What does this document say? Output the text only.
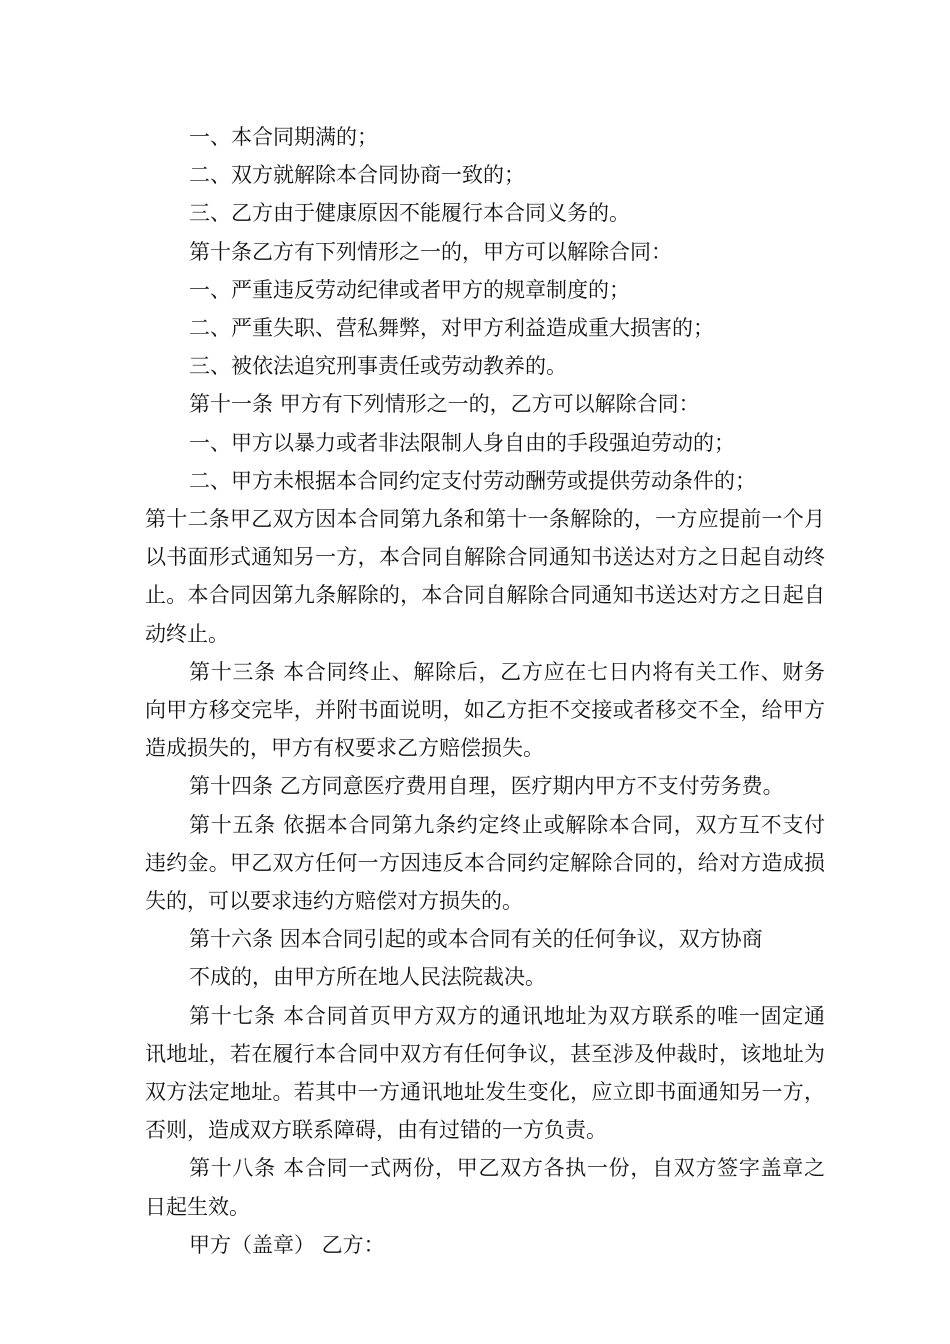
一、本合同期满的；

二、双方就解除本合同协商一致的；

三、乙方由于健康原因不能履行本合同义务的。

第十条乙方有下列情形之一的，甲方可以解除合同：

一、严重违反劳动纪律或者甲方的规章制度的；

二、严重失职、营私舞弊，对甲方利益造成重大损害的；

三、被依法追究刑事责任或劳动教养的。

第十一条 甲方有下列情形之一的，乙方可以解除合同：

一、甲方以暴力或者非法限制人身自由的手段强迫劳动的；

二、甲方未根据本合同约定支付劳动酬劳或提供劳动条件的；

第十二条甲乙双方因本合同第九条和第十一条解除的，一方应提前一个月以书面形式通知另一方，本合同自解除合同通知书送达对方之日起自动终止。本合同因第九条解除的，本合同自解除合同通知书送达对方之日起自动终止。

第十三条 本合同终止、解除后，乙方应在七日内将有关工作、财务向甲方移交完毕，并附书面说明，如乙方拒不交接或者移交不全，给甲方造成损失的，甲方有权要求乙方赔偿损失。

第十四条 乙方同意医疗费用自理，医疗期内甲方不支付劳务费。

第十五条 依据本合同第九条约定终止或解除本合同，双方互不支付违约金。甲乙双方任何一方因违反本合同约定解除合同的，给对方造成损失的，可以要求违约方赔偿对方损失的。

第十六条 因本合同引起的或本合同有关的任何争议，双方协商

不成的，由甲方所在地人民法院裁决。

第十七条 本合同首页甲方双方的通讯地址为双方联系的唯一固定通讯地址，若在履行本合同中双方有任何争议，甚至涉及仲裁时，该地址为双方法定地址。若其中一方通讯地址发生变化，应立即书面通知另一方，否则，造成双方联系障碍，由有过错的一方负责。

第十八条 本合同一式两份，甲乙双方各执一份，自双方签字盖章之日起生效。

甲方（盖章） 乙方：
